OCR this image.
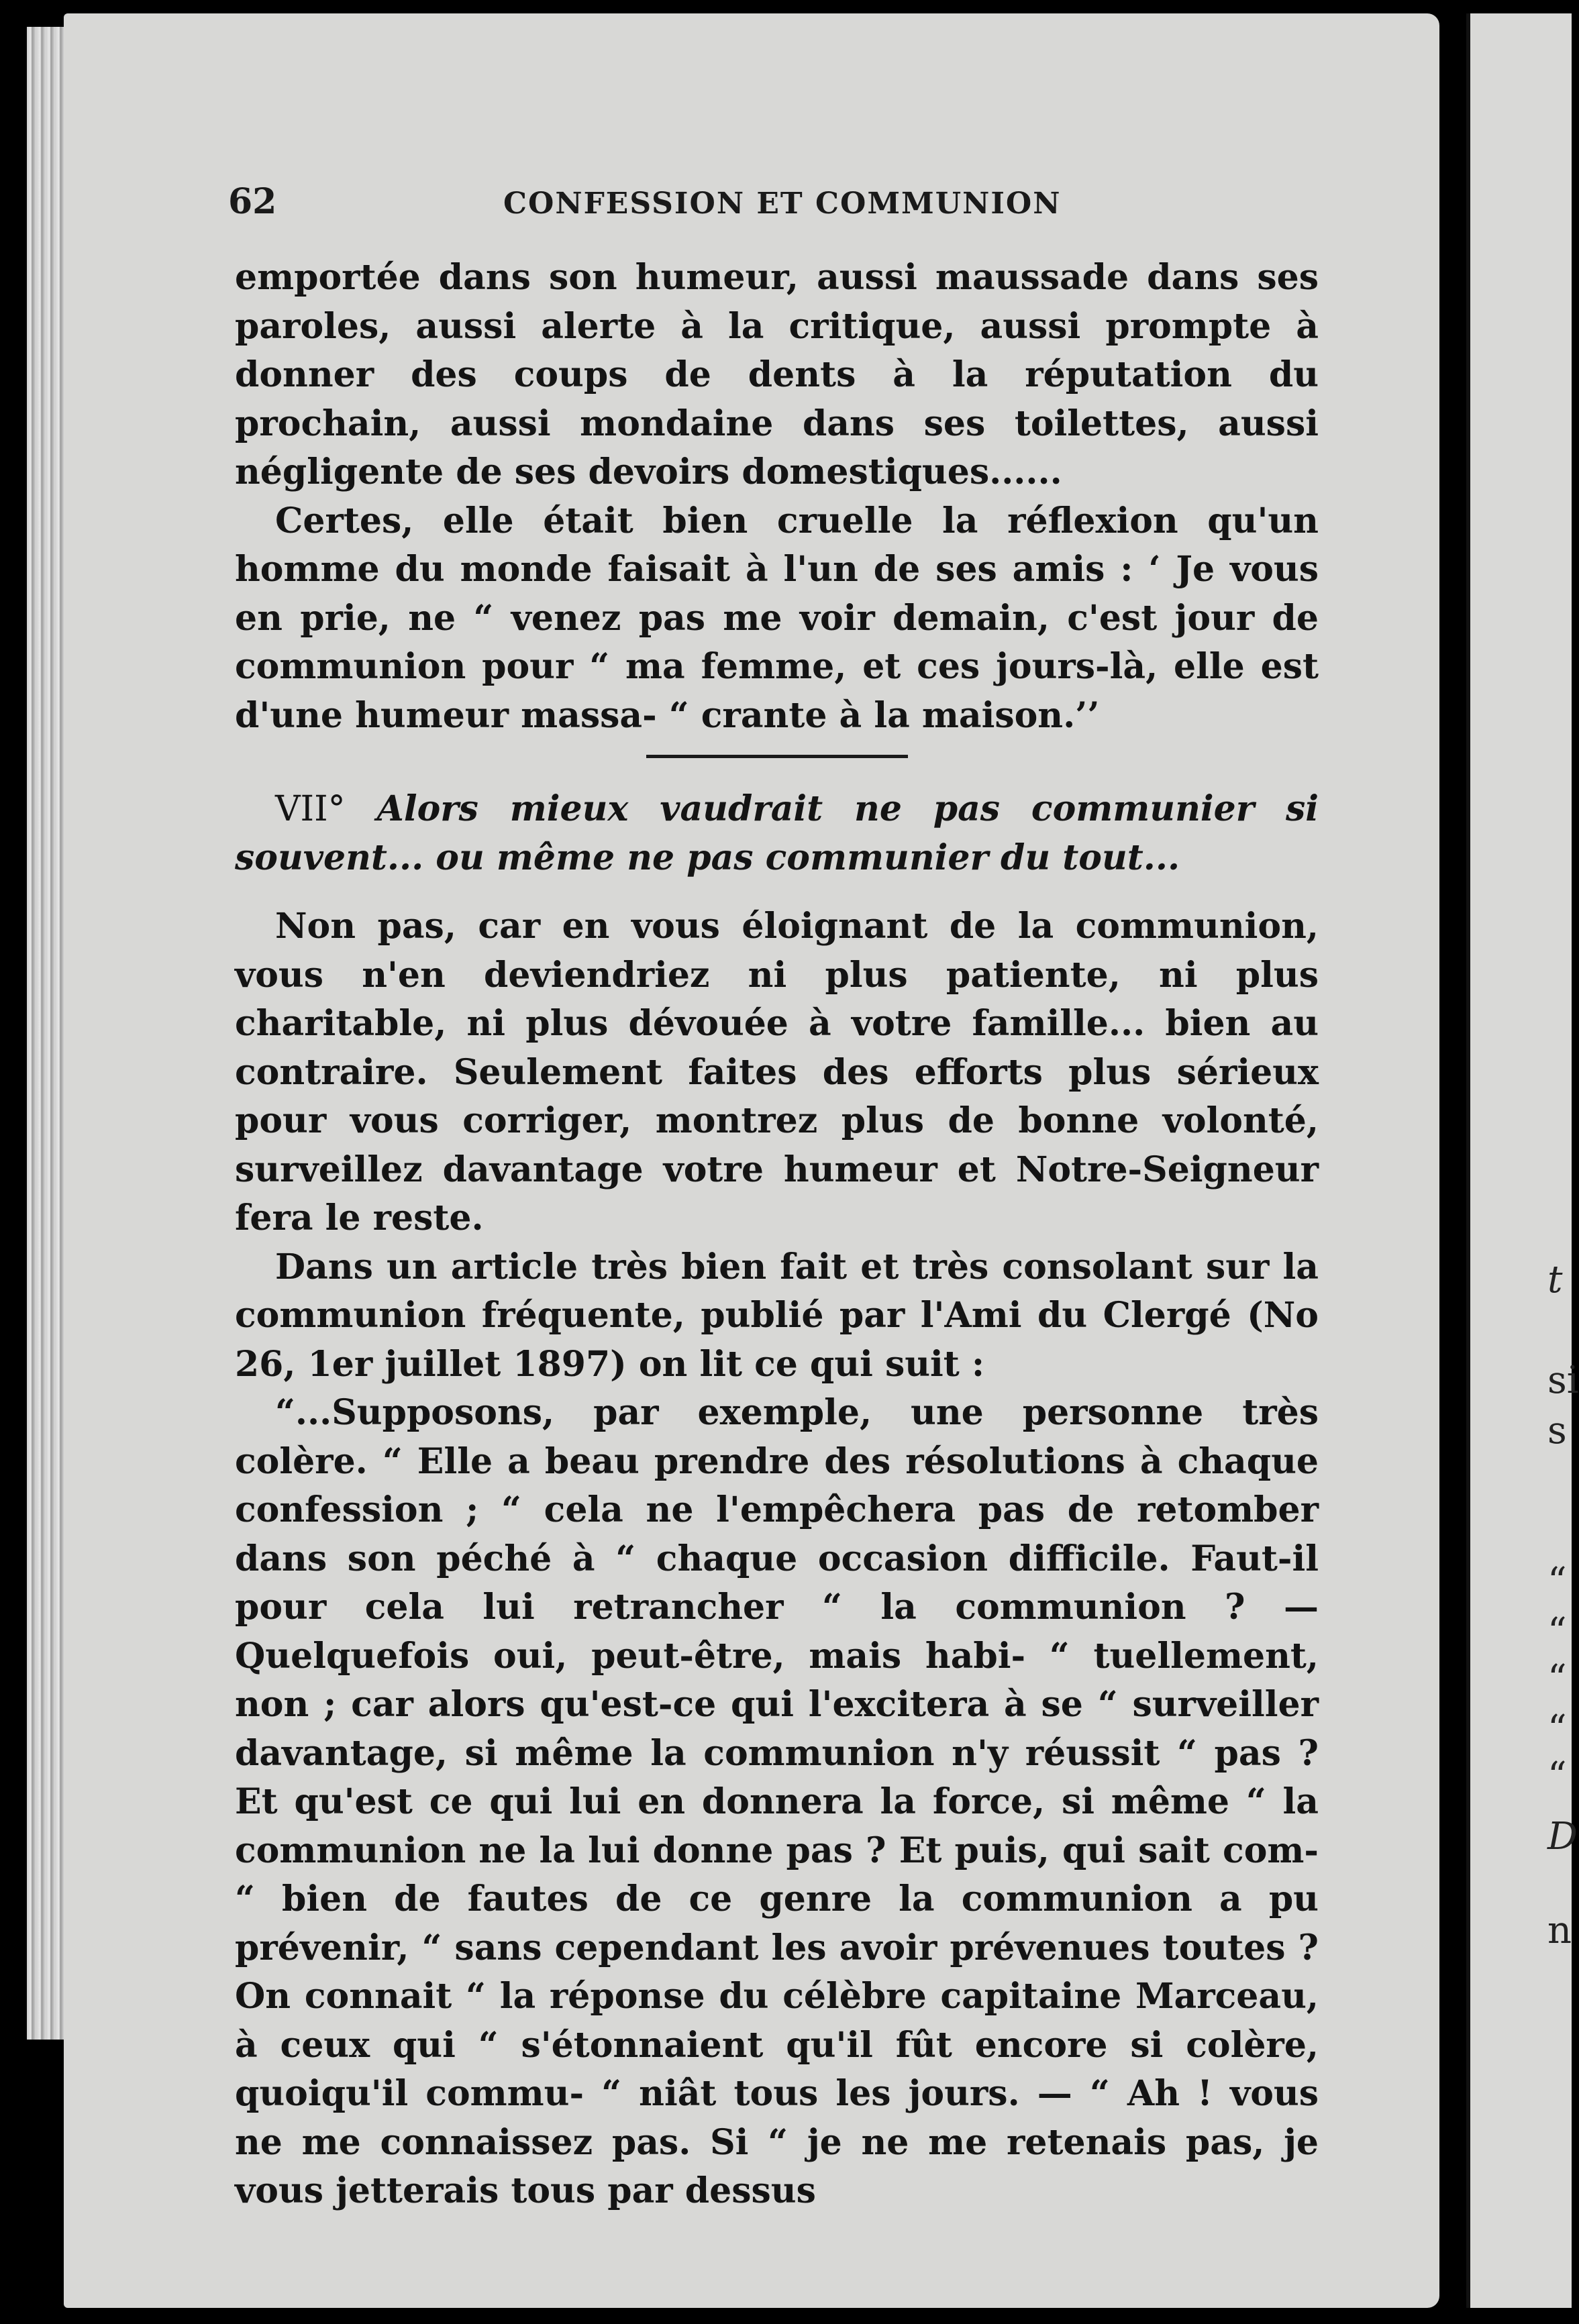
t
si
s
“
“
“
“
“
D
n
62	CONFESSION ET COMMUNION

emportée dans son humeur, aussi maussade dans ses paroles, aussi alerte à la critique, aussi prompte à donner des coups de dents à la réputation du prochain, aussi mondaine dans ses toilettes, aussi négligente de ses devoirs domestiques......

Certes, elle était bien cruelle la réflexion qu'un homme du monde faisait à l'un de ses amis : ‘ Je vous en prie, ne “ venez pas me voir demain, c'est jour de communion pour “ ma femme, et ces jours-là, elle est d'une humeur massa- “ crante à la maison.’’

VII° Alors mieux vaudrait ne pas communier si souvent... ou même ne pas communier du tout...

Non pas, car en vous éloignant de la communion, vous n'en deviendriez ni plus patiente, ni plus charitable, ni plus dévouée à votre famille... bien au contraire. Seulement faites des efforts plus sérieux pour vous corriger, montrez plus de bonne volonté, surveillez davantage votre humeur et Notre-Seigneur fera le reste.

Dans un article très bien fait et très consolant sur la communion fréquente, publié par l'Ami du Clergé (No 26, 1er juillet 1897) on lit ce qui suit :

“...Supposons, par exemple, une personne très colère. “ Elle a beau prendre des résolutions à chaque confession ; “ cela ne l'empêchera pas de retomber dans son péché à “ chaque occasion difficile. Faut-il pour cela lui retrancher “ la communion ? — Quelquefois oui, peut-être, mais habi- “ tuellement, non ; car alors qu'est-ce qui l'excitera à se “ surveiller davantage, si même la communion n'y réussit “ pas ? Et qu'est ce qui lui en donnera la force, si même “ la communion ne la lui donne pas ? Et puis, qui sait com- “ bien de fautes de ce genre la communion a pu prévenir, “ sans cependant les avoir prévenues toutes ? On connait “ la réponse du célèbre capitaine Marceau, à ceux qui “ s'étonnaient qu'il fût encore si colère, quoiqu'il commu- “ niât tous les jours. — “ Ah ! vous ne me connaissez pas. Si “ je ne me retenais pas, je vous jetterais tous par dessus
